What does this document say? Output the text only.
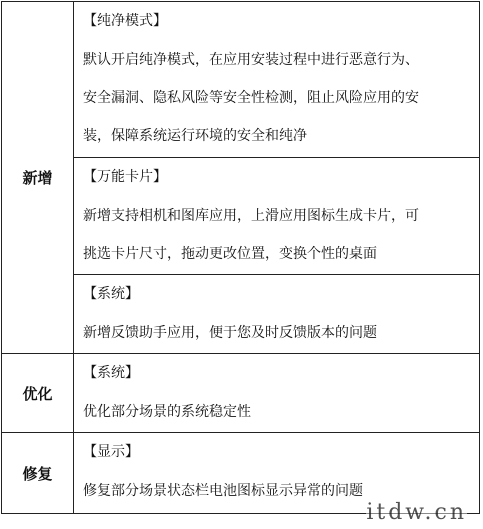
新增	【纯净模式】
默认开启纯净模式，在应用安装过程中进行恶意行为、
安全漏洞、隐私风险等安全性检测，阻止风险应用的安
装，保障系统运行环境的安全和纯净

	【万能卡片】
新增支持相机和图库应用，上滑应用图标生成卡片，可
挑选卡片尺寸，拖动更改位置，变换个性的桌面

	【系统】
新增反馈助手应用，便于您及时反馈版本的问题

优化	【系统】
优化部分场景的系统稳定性

修复	【显示】
修复部分场景状态栏电池图标显示异常的问题
itdw.cn
